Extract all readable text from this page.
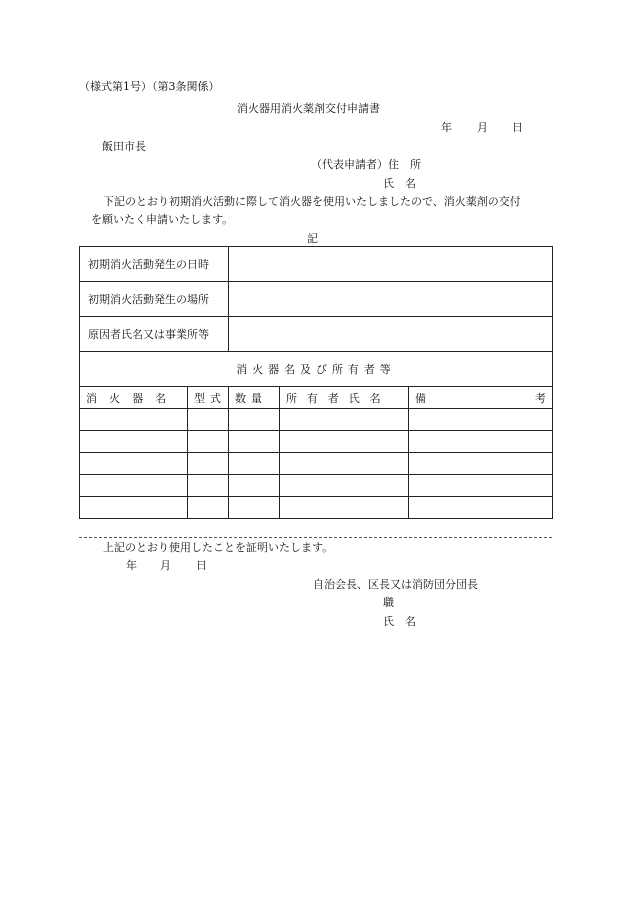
（様式第1号）（第3条関係）
消火器用消火薬剤交付申請書
年 月 日
飯田市長
（代表申請者）住　所
氏　名
下記のとおり初期消火活動に際して消火器を使用いたしましたので、消火薬剤の交付
を願いたく申請いたします。
記
初期消火活動発生の日時				
初期消火活動発生の場所				
原因者氏名又は事業所等				
消火器名及び所有者等				
消火器名	型式	数量	所有者氏名	備 考

上記のとおり使用したことを証明いたします。
年 月 日
自治会長、区長又は消防団分団長
職
氏　名
